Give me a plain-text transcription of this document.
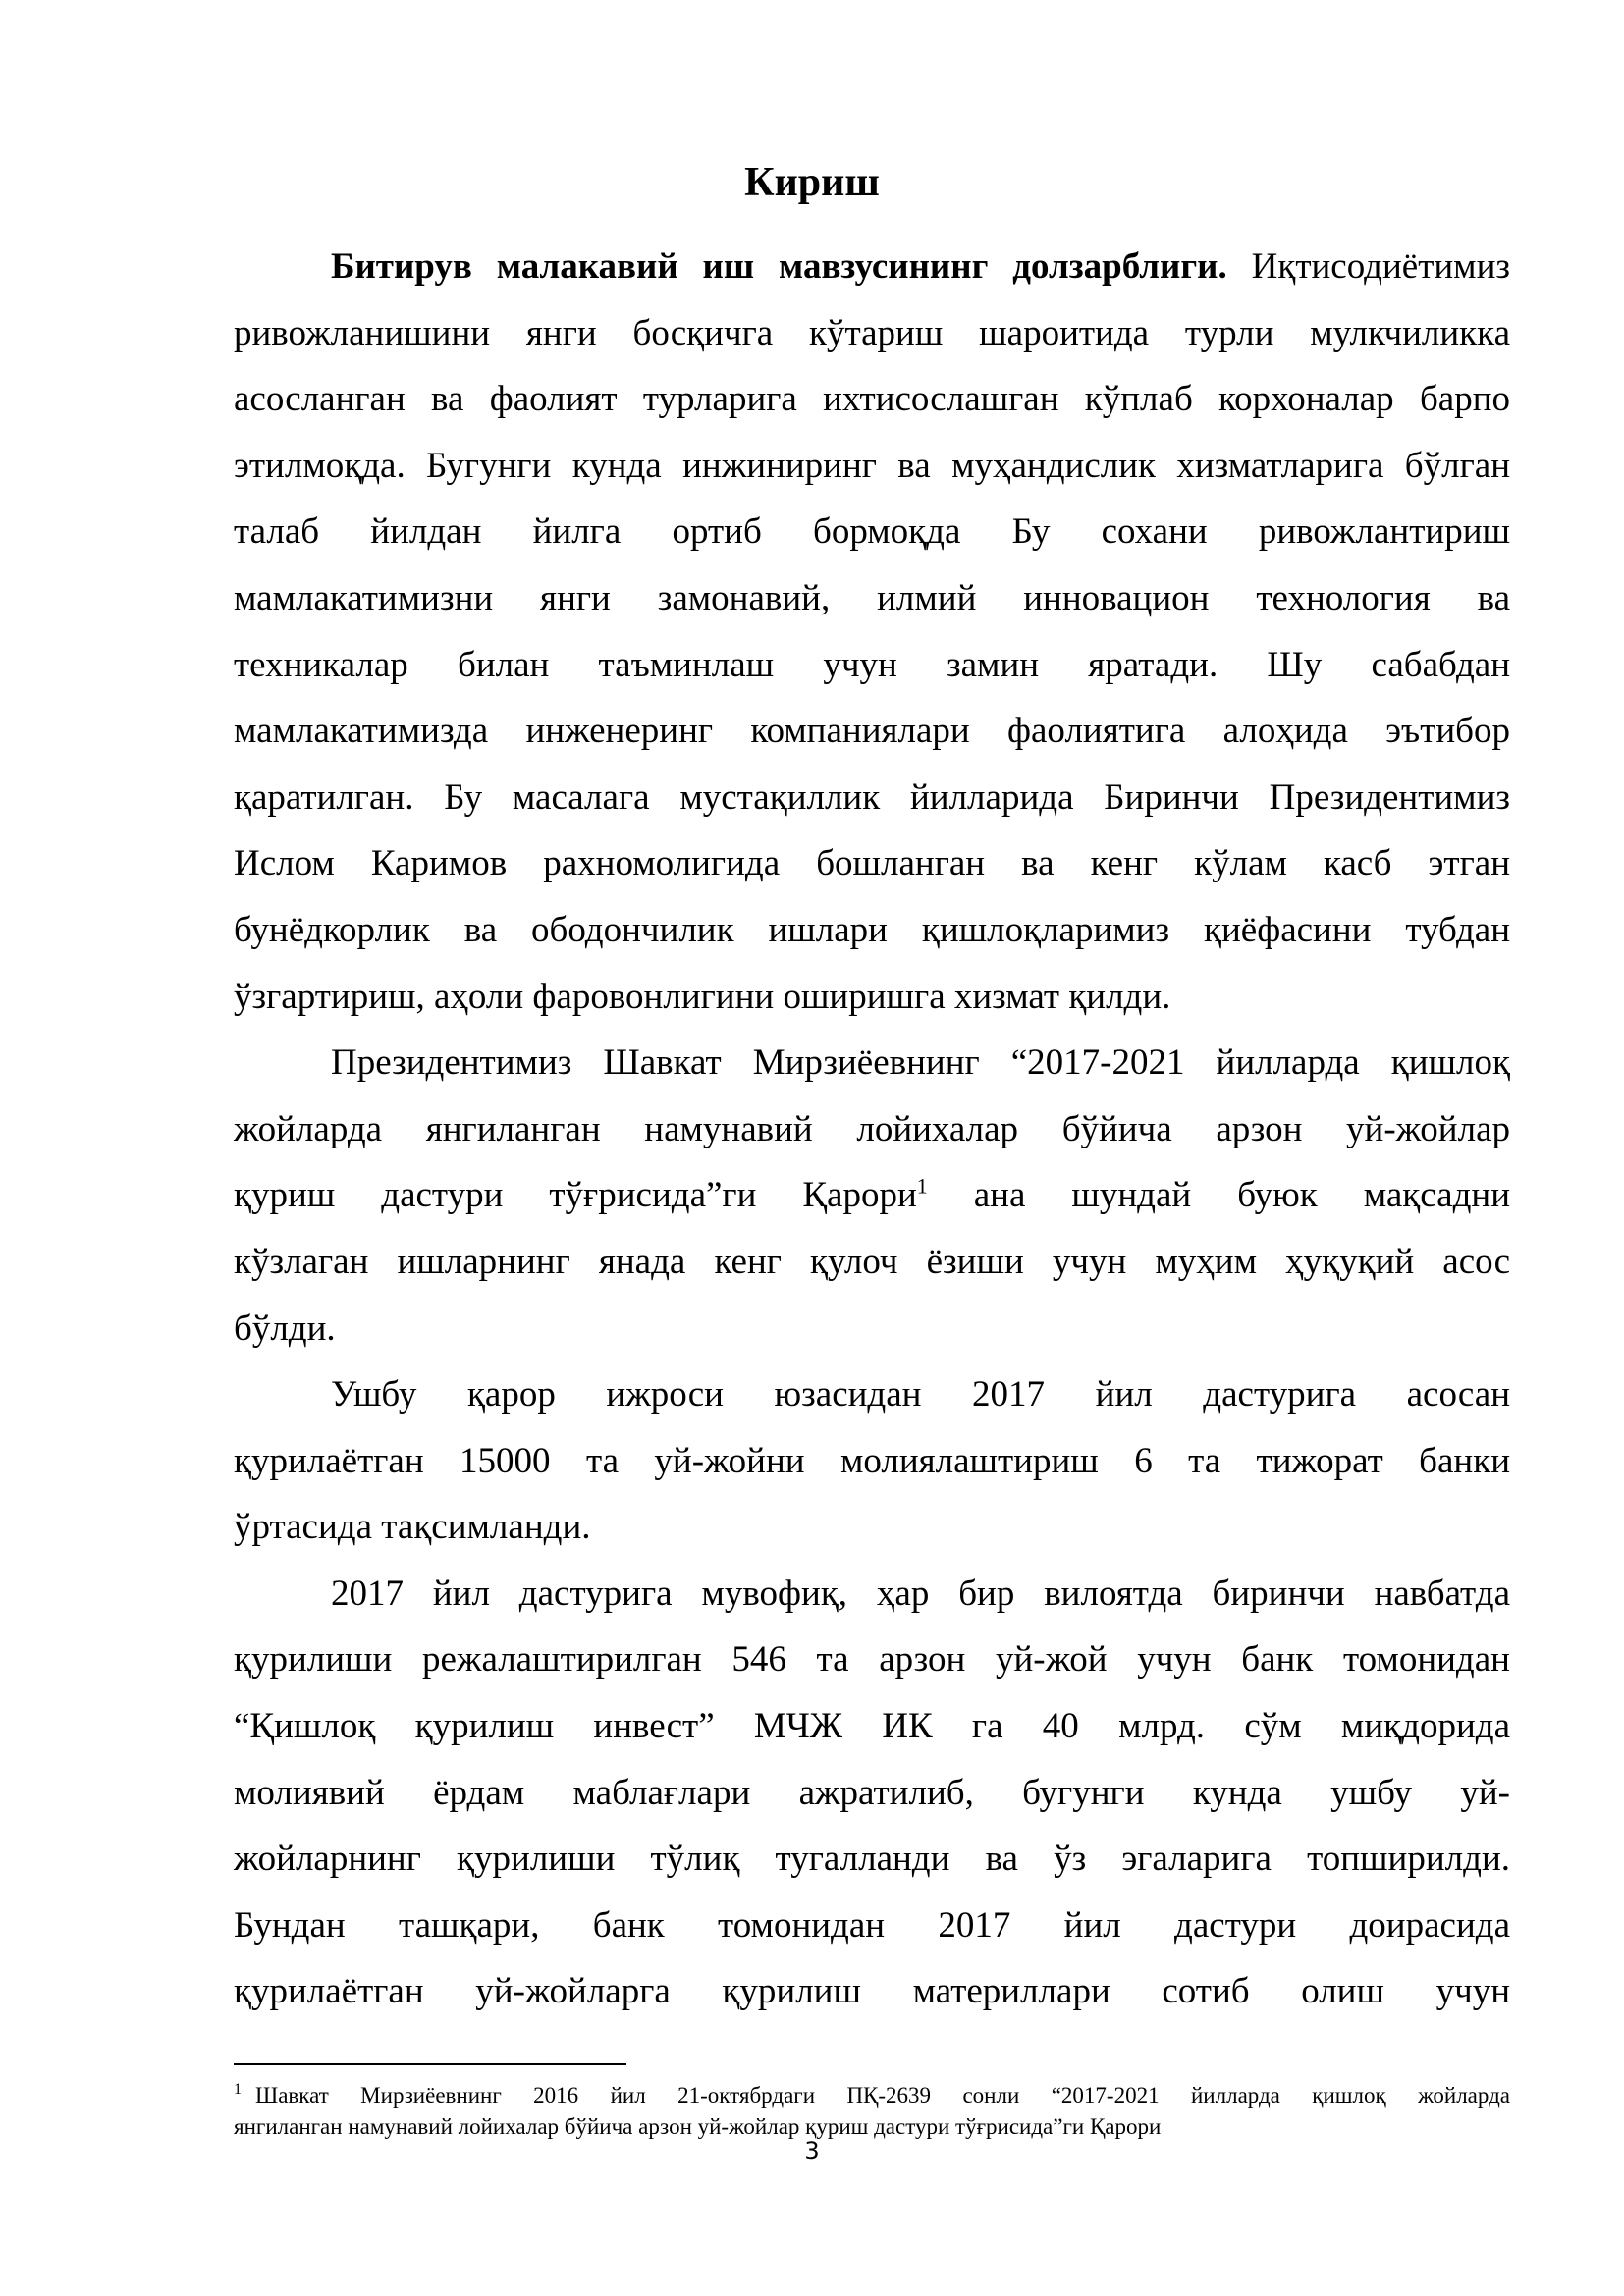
Кириш
Битирув малакавий иш мавзусининг долзарблиги. Иқтисодиётимиз
ривожланишини янги босқичга кўтариш шароитида турли мулкчиликка
асосланган ва фаолият турларига ихтисослашган кўплаб корхоналар барпо
этилмоқда. Бугунги кунда инжиниринг ва муҳандислик хизматларига бўлган
талаб йилдан йилга ортиб бормоқда Бу сохани ривожлантириш
мамлакатимизни янги замонавий, илмий инновацион технология ва
техникалар билан таъминлаш учун замин яратади. Шу сабабдан
мамлакатимизда инженеринг компаниялари фаолиятига алоҳида эътибор
қаратилган. Бу масалага мустақиллик йилларида Биринчи Президентимиз
Ислом Каримов рахномолигида бошланган ва кенг кўлам касб этган
бунёдкорлик ва ободончилик ишлари қишлоқларимиз қиёфасини тубдан
ўзгартириш, аҳоли фаровонлигини оширишга хизмат қилди.
Президентимиз Шавкат Мирзиёевнинг “2017-2021 йилларда қишлоқ
жойларда янгиланган намунавий лойихалар бўйича арзон уй-жойлар
қуриш дастури тўғрисида”ги Қарори$^1$ ана шундай буюк мақсадни
кўзлаган ишларнинг янада кенг қулоч ёзиши учун муҳим ҳуқуқий асос
бўлди.
Ушбу қарор ижроси юзасидан 2017 йил дастурига асосан
қурилаётган 15000 та уй-жойни молиялаштириш 6 та тижорат банки
ўртасида тақсимланди.
2017 йил дастурига мувофиқ, ҳар бир вилоятда биринчи навбатда
қурилиши режалаштирилган 546 та арзон уй-жой учун банк томонидан
“Қишлоқ қурилиш инвест” МЧЖ ИК га 40 млрд. сўм миқдорида
молиявий ёрдам маблағлари ажратилиб, бугунги кунда ушбу уй-
жойларнинг қурилиши тўлиқ тугалланди ва ўз эгаларига топширилди.
Бундан ташқари, банк томонидан 2017 йил дастури доирасида
қурилаётган уй-жойларга қурилиш материллари сотиб олиш учун
$^1$ Шавкат Мирзиёевнинг 2016 йил 21-октябрдаги ПҚ-2639 сонли “2017-2021 йилларда қишлоқ жойларда
янгиланган намунавий лойихалар бўйича арзон уй-жойлар қуриш дастури тўғрисида”ги Қарори
3
